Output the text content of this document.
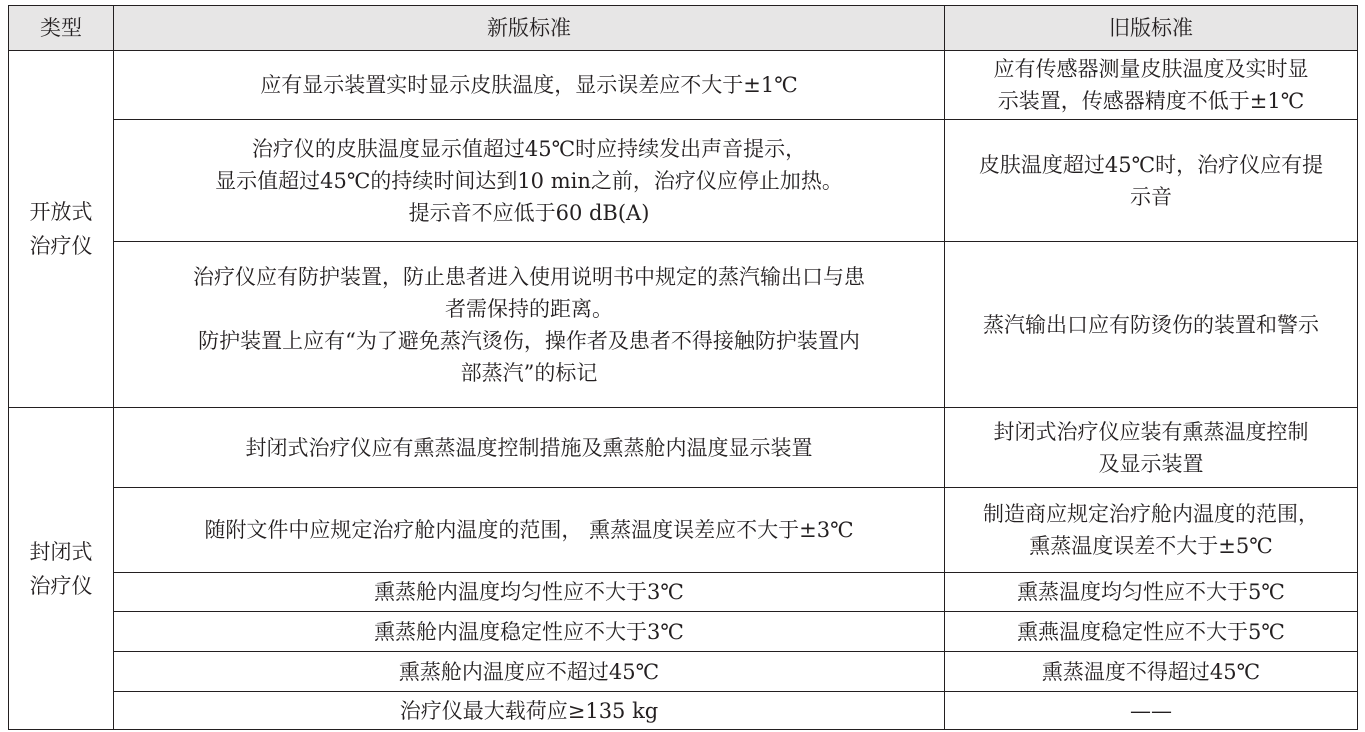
类型	新版标准	旧版标准
开放式
治疗仪	应有显示装置实时显示皮肤温度，显示误差应不大于±1℃	应有传感器测量皮肤温度及实时显
示装置，传感器精度不低于±1℃
	治疗仪的皮肤温度显示值超过45℃时应持续发出声音提示，
显示值超过45℃的持续时间达到10 min之前，治疗仪应停止加热。
提示音不应低于60 dB(A)	皮肤温度超过45℃时，治疗仪应有提
示音
	治疗仪应有防护装置，防止患者进入使用说明书中规定的蒸汽输出口与患
者需保持的距离。
防护装置上应有“为了避免蒸汽烫伤，操作者及患者不得接触防护装置内
部蒸汽”的标记	蒸汽输出口应有防烫伤的装置和警示
封闭式
治疗仪	封闭式治疗仪应有熏蒸温度控制措施及熏蒸舱内温度显示装置	封闭式治疗仪应装有熏蒸温度控制
及显示装置
	随附文件中应规定治疗舱内温度的范围， 熏蒸温度误差应不大于±3℃	制造商应规定治疗舱内温度的范围，
熏蒸温度误差不大于±5℃
	熏蒸舱内温度均匀性应不大于3℃	熏蒸温度均匀性应不大于5℃
	熏蒸舱内温度稳定性应不大于3℃	熏燕温度稳定性应不大于5℃
	熏蒸舱内温度应不超过45℃	熏蒸温度不得超过45℃
	治疗仪最大载荷应≥135 kg	——
